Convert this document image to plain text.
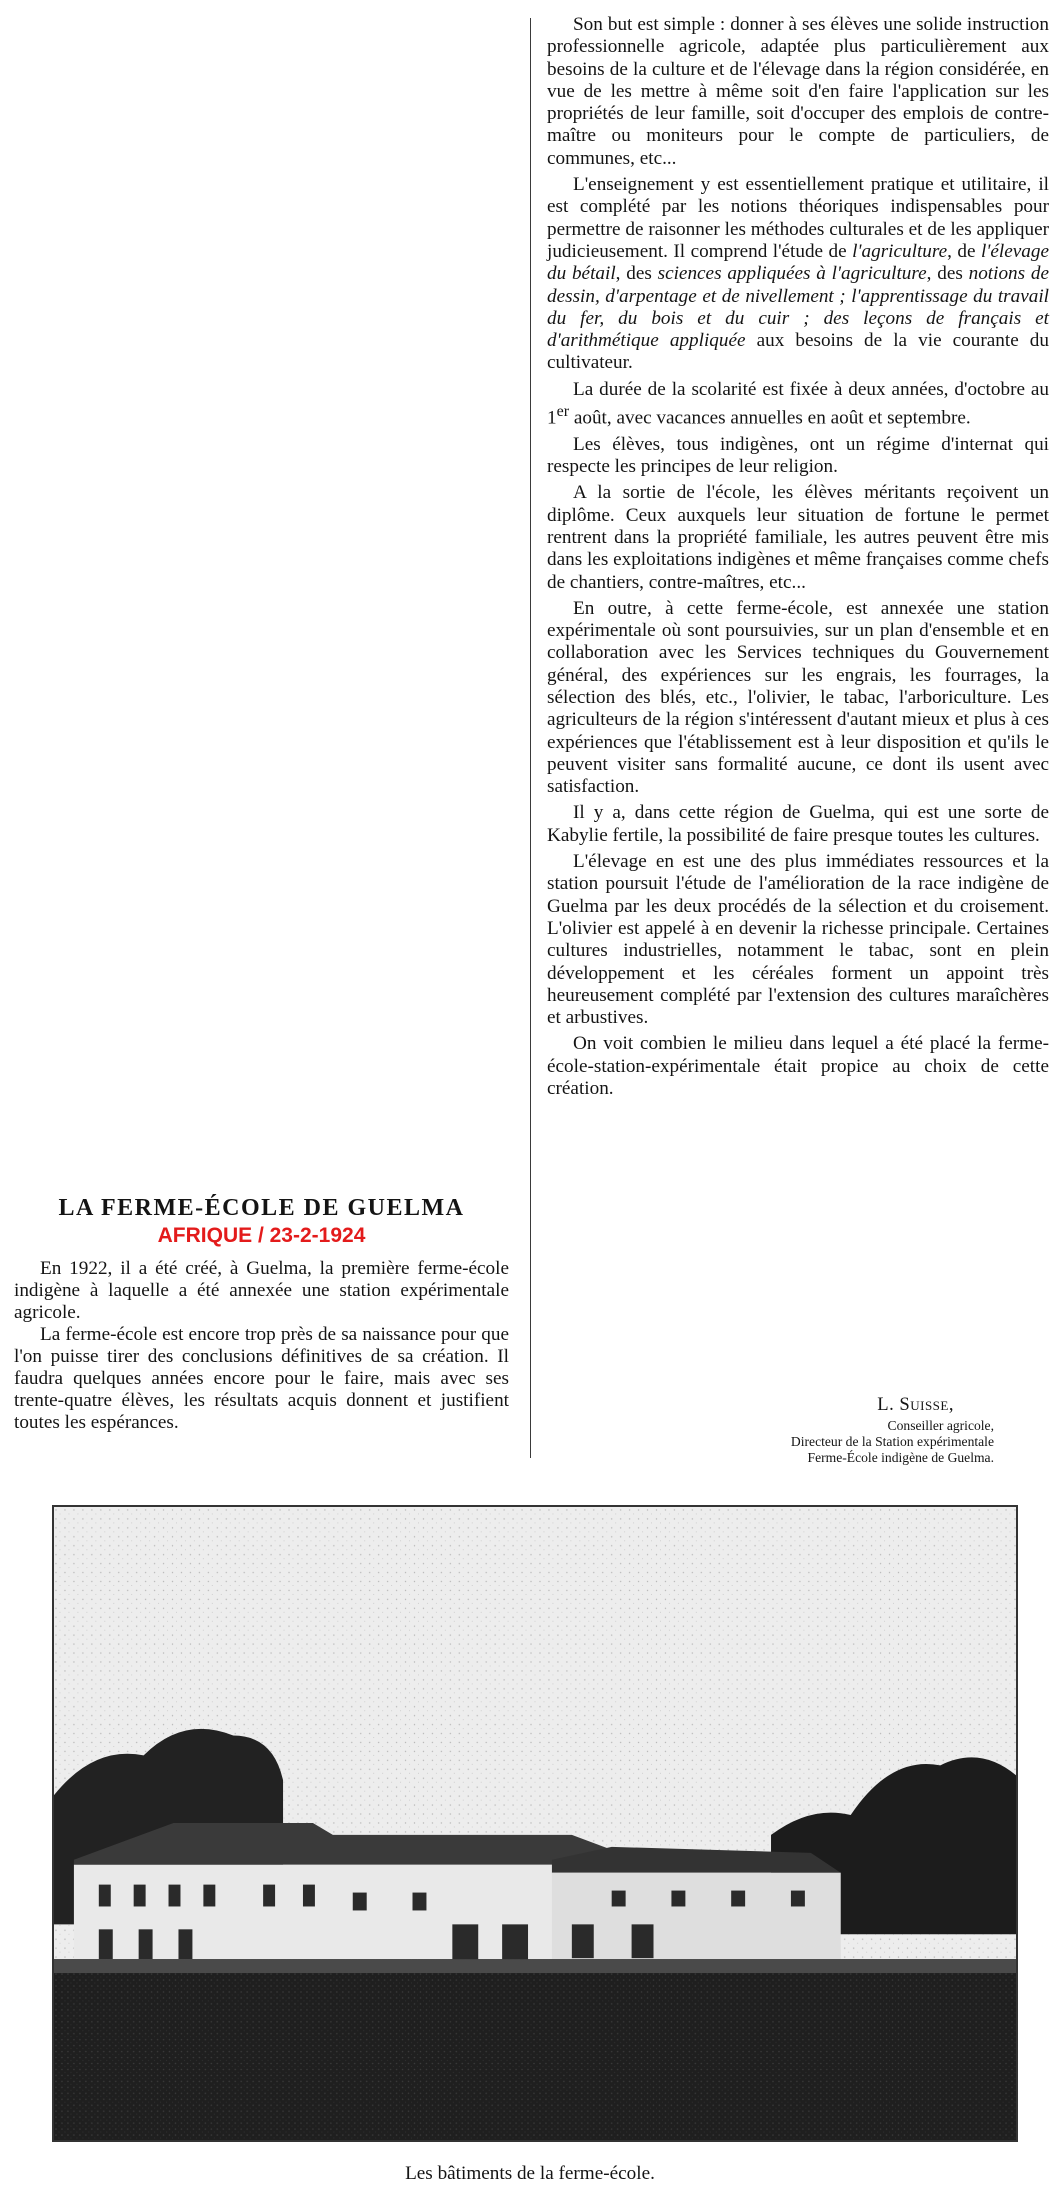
LA FERME-ÉCOLE DE GUELMA
AFRIQUE / 23-2-1924

En 1922, il a été créé, à Guelma, la première ferme-école indigène à laquelle a été annexée une station expérimentale agricole.

La ferme-école est encore trop près de sa naissance pour que l'on puisse tirer des conclusions définitives de sa création. Il faudra quelques années encore pour le faire, mais avec ses trente-quatre élèves, les résultats acquis donnent et justifient toutes les espérances.

Son but est simple : donner à ses élèves une solide instruction professionnelle agricole, adaptée plus particulièrement aux besoins de la culture et de l'élevage dans la région considérée, en vue de les mettre à même soit d'en faire l'application sur les propriétés de leur famille, soit d'occuper des emplois de contre-maître ou moniteurs pour le compte de particuliers, de communes, etc...

L'enseignement y est essentiellement pratique et utilitaire, il est complété par les notions théoriques indispensables pour permettre de raisonner les méthodes culturales et de les appliquer judicieusement. Il comprend l'étude de l'agriculture, de l'élevage du bétail, des sciences appliquées à l'agriculture, des notions de dessin, d'arpentage et de nivellement ; l'apprentissage du travail du fer, du bois et du cuir ; des leçons de français et d'arithmétique appliquée aux besoins de la vie courante du cultivateur.

La durée de la scolarité est fixée à deux années, d'octobre au 1er août, avec vacances annuelles en août et septembre.

Les élèves, tous indigènes, ont un régime d'internat qui respecte les principes de leur religion.

A la sortie de l'école, les élèves méritants reçoivent un diplôme. Ceux auxquels leur situation de fortune le permet rentrent dans la propriété familiale, les autres peuvent être mis dans les exploitations indigènes et même françaises comme chefs de chantiers, contre-maîtres, etc...

En outre, à cette ferme-école, est annexée une station expérimentale où sont poursuivies, sur un plan d'ensemble et en collaboration avec les Services techniques du Gouvernement général, des expériences sur les engrais, les fourrages, la sélection des blés, etc., l'olivier, le tabac, l'arboriculture. Les agriculteurs de la région s'intéressent d'autant mieux et plus à ces expériences que l'établissement est à leur disposition et qu'ils le peuvent visiter sans formalité aucune, ce dont ils usent avec satisfaction.

Il y a, dans cette région de Guelma, qui est une sorte de Kabylie fertile, la possibilité de faire presque toutes les cultures.

L'élevage en est une des plus immédiates ressources et la station poursuit l'étude de l'amélioration de la race indigène de Guelma par les deux procédés de la sélection et du croisement. L'olivier est appelé à en devenir la richesse principale. Certaines cultures industrielles, notamment le tabac, sont en plein développement et les céréales forment un appoint très heureusement complété par l'extension des cultures maraîchères et arbustives.

On voit combien le milieu dans lequel a été placé la ferme-école-station-expérimentale était propice au choix de cette création.

L. Suisse,
Conseiller agricole,
Directeur de la Station expérimentale
Ferme-École indigène de Guelma.
Les bâtiments de la ferme-école.
